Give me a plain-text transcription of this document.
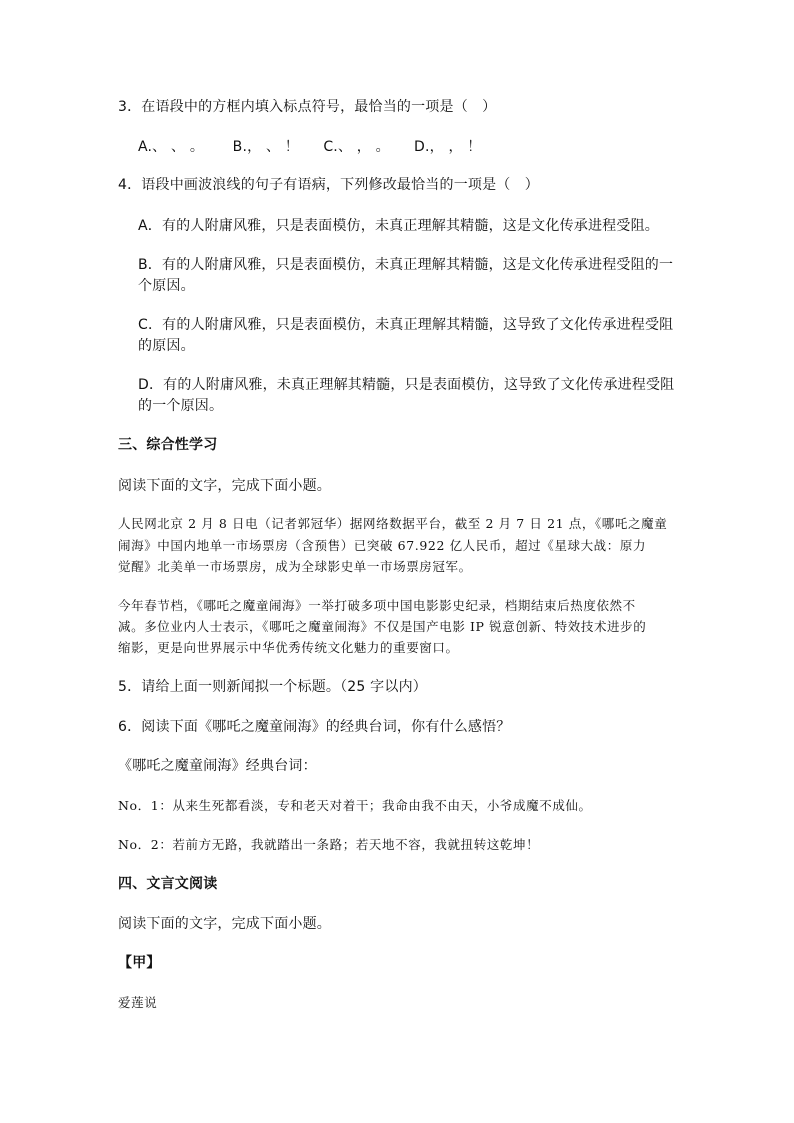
3．在语段中的方框内填入标点符号，最恰当的一项是（　）
A.、 、 。 B.， 、 ！ C.、 ， 。 D.， ， ！
4．语段中画波浪线的句子有语病，下列修改最恰当的一项是（　）
A．有的人附庸风雅，只是表面模仿，未真正理解其精髓，这是文化传承进程受阻。
B．有的人附庸风雅，只是表面模仿，未真正理解其精髓，这是文化传承进程受阻的一
个原因。
C．有的人附庸风雅，只是表面模仿，未真正理解其精髓，这导致了文化传承进程受阻
的原因。
D．有的人附庸风雅，未真正理解其精髓，只是表面模仿，这导致了文化传承进程受阻
的一个原因。
三、综合性学习
阅读下面的文字，完成下面小题。
人民网北京 2 月 8 日电（记者郭冠华）据网络数据平台，截至 2 月 7 日 21 点，《哪吒之魔童
闹海》中国内地单一市场票房（含预售）已突破 67.922 亿人民币，超过《星球大战：原力
觉醒》北美单一市场票房，成为全球影史单一市场票房冠军。
今年春节档，《哪吒之魔童闹海》一举打破多项中国电影影史纪录，档期结束后热度依然不
减。多位业内人士表示，《哪吒之魔童闹海》不仅是国产电影 IP 锐意创新、特效技术进步的
缩影，更是向世界展示中华优秀传统文化魅力的重要窗口。
5．请给上面一则新闻拟一个标题。（25 字以内）
6．阅读下面《哪吒之魔童闹海》的经典台词，你有什么感悟？
《哪吒之魔童闹海》经典台词：
No．1：从来生死都看淡，专和老天对着干；我命由我不由天，小爷成魔不成仙。
No．2：若前方无路，我就踏出一条路；若天地不容，我就扭转这乾坤！
四、文言文阅读
阅读下面的文字，完成下面小题。
【甲】
爱莲说
